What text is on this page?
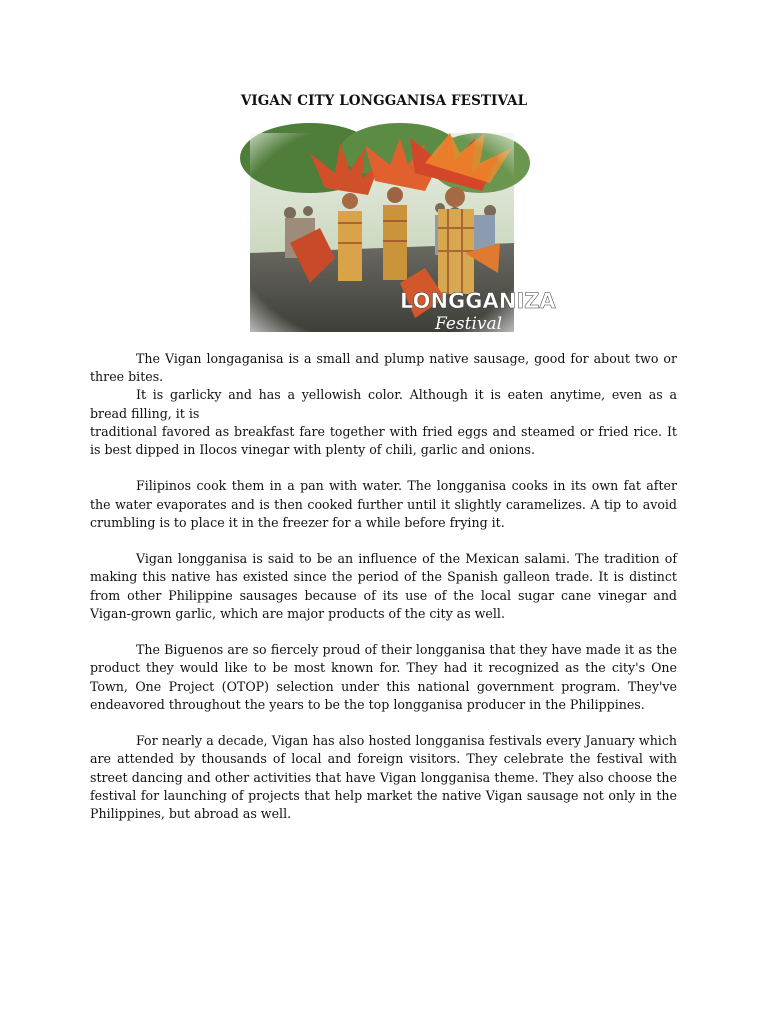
VIGAN CITY LONGGANISA FESTIVAL
LONGGANIZA
Festival

The Vigan longaganisa is a small and plump native sausage, good for about two or three bites.

It is garlicky and has a yellowish color. Although it is eaten anytime, even as a bread filling, it is

traditional favored as breakfast fare together with fried eggs and steamed or fried rice. It is best dipped in Ilocos vinegar with plenty of chili, garlic and onions.

Filipinos cook them in a pan with water. The longganisa cooks in its own fat after the water evaporates and is then cooked further until it slightly caramelizes. A tip to avoid crumbling is to place it in the freezer for a while before frying it.

Vigan longganisa is said to be an influence of the Mexican salami. The tradition of making this native has existed since the period of the Spanish galleon trade. It is distinct from other Philippine sausages because of its use of the local sugar cane vinegar and Vigan-grown garlic, which are major products of the city as well.

The Biguenos are so fiercely proud of their longganisa that they have made it as the product they would like to be most known for. They had it recognized as the city's One Town, One Project (OTOP) selection under this national government program. They've endeavored throughout the years to be the top longganisa producer in the Philippines.

For nearly a decade, Vigan has also hosted longganisa festivals every January which are attended by thousands of local and foreign visitors. They celebrate the festival with street dancing and other activities that have Vigan longganisa theme. They also choose the festival for launching of projects that help market the native Vigan sausage not only in the Philippines, but abroad as well.
